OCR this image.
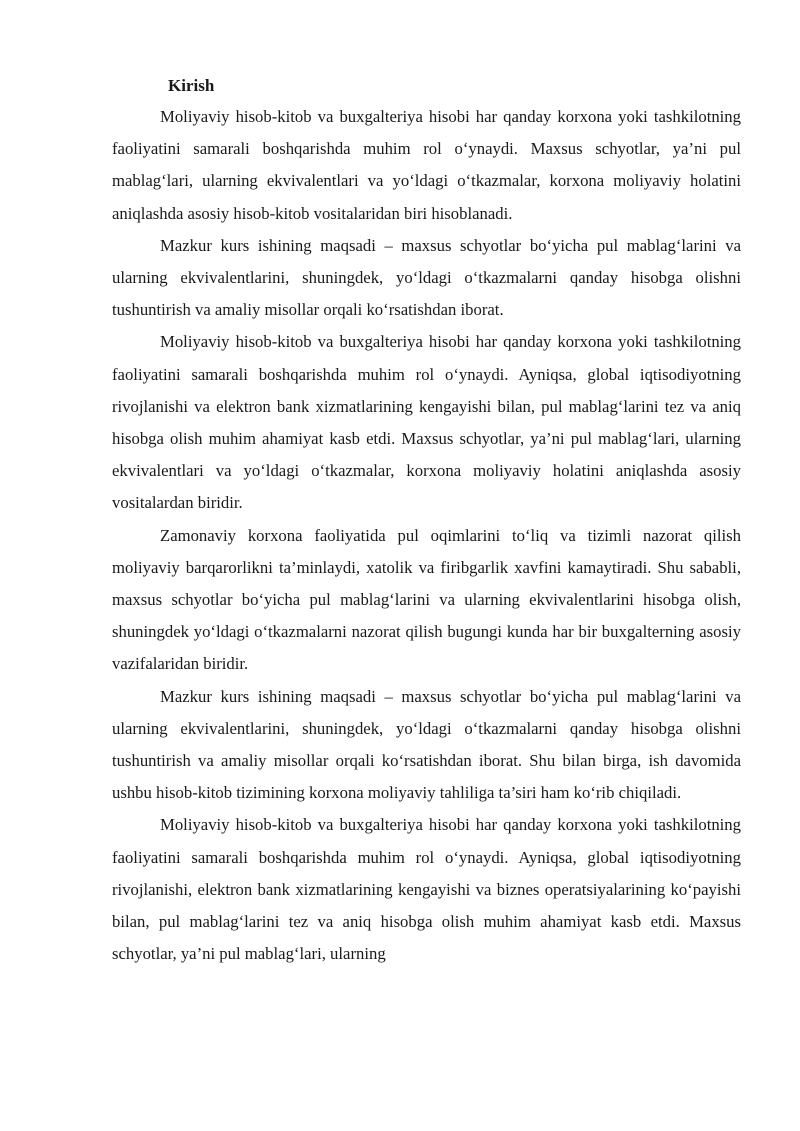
Kirish

Moliyaviy hisob-kitob va buxgalteriya hisobi har qanday korxona yoki tashkilotning faoliyatini samarali boshqarishda muhim rol o‘ynaydi. Maxsus schyotlar, ya’ni pul mablag‘lari, ularning ekvivalentlari va yo‘ldagi o‘tkazmalar, korxona moliyaviy holatini aniqlashda asosiy hisob-kitob vositalaridan biri hisoblanadi.

Mazkur kurs ishining maqsadi – maxsus schyotlar bo‘yicha pul mablag‘larini va ularning ekvivalentlarini, shuningdek, yo‘ldagi o‘tkazmalarni qanday hisobga olishni tushuntirish va amaliy misollar orqali ko‘rsatishdan iborat.

Moliyaviy hisob-kitob va buxgalteriya hisobi har qanday korxona yoki tashkilotning faoliyatini samarali boshqarishda muhim rol o‘ynaydi. Ayniqsa, global iqtisodiyotning rivojlanishi va elektron bank xizmatlarining kengayishi bilan, pul mablag‘larini tez va aniq hisobga olish muhim ahamiyat kasb etdi. Maxsus schyotlar, ya’ni pul mablag‘lari, ularning ekvivalentlari va yo‘ldagi o‘tkazmalar, korxona moliyaviy holatini aniqlashda asosiy vositalardan biridir.

Zamonaviy korxona faoliyatida pul oqimlarini to‘liq va tizimli nazorat qilish moliyaviy barqarorlikni ta’minlaydi, xatolik va firibgarlik xavfini kamaytiradi. Shu sababli, maxsus schyotlar bo‘yicha pul mablag‘larini va ularning ekvivalentlarini hisobga olish, shuningdek yo‘ldagi o‘tkazmalarni nazorat qilish bugungi kunda har bir buxgalterning asosiy vazifalaridan biridir.

Mazkur kurs ishining maqsadi – maxsus schyotlar bo‘yicha pul mablag‘larini va ularning ekvivalentlarini, shuningdek, yo‘ldagi o‘tkazmalarni qanday hisobga olishni tushuntirish va amaliy misollar orqali ko‘rsatishdan iborat. Shu bilan birga, ish davomida ushbu hisob-kitob tizimining korxona moliyaviy tahliliga ta’siri ham ko‘rib chiqiladi.

Moliyaviy hisob-kitob va buxgalteriya hisobi har qanday korxona yoki tashkilotning faoliyatini samarali boshqarishda muhim rol o‘ynaydi. Ayniqsa, global iqtisodiyotning rivojlanishi, elektron bank xizmatlarining kengayishi va biznes operatsiyalarining ko‘payishi bilan, pul mablag‘larini tez va aniq hisobga olish muhim ahamiyat kasb etdi. Maxsus schyotlar, ya’ni pul mablag‘lari, ularning
